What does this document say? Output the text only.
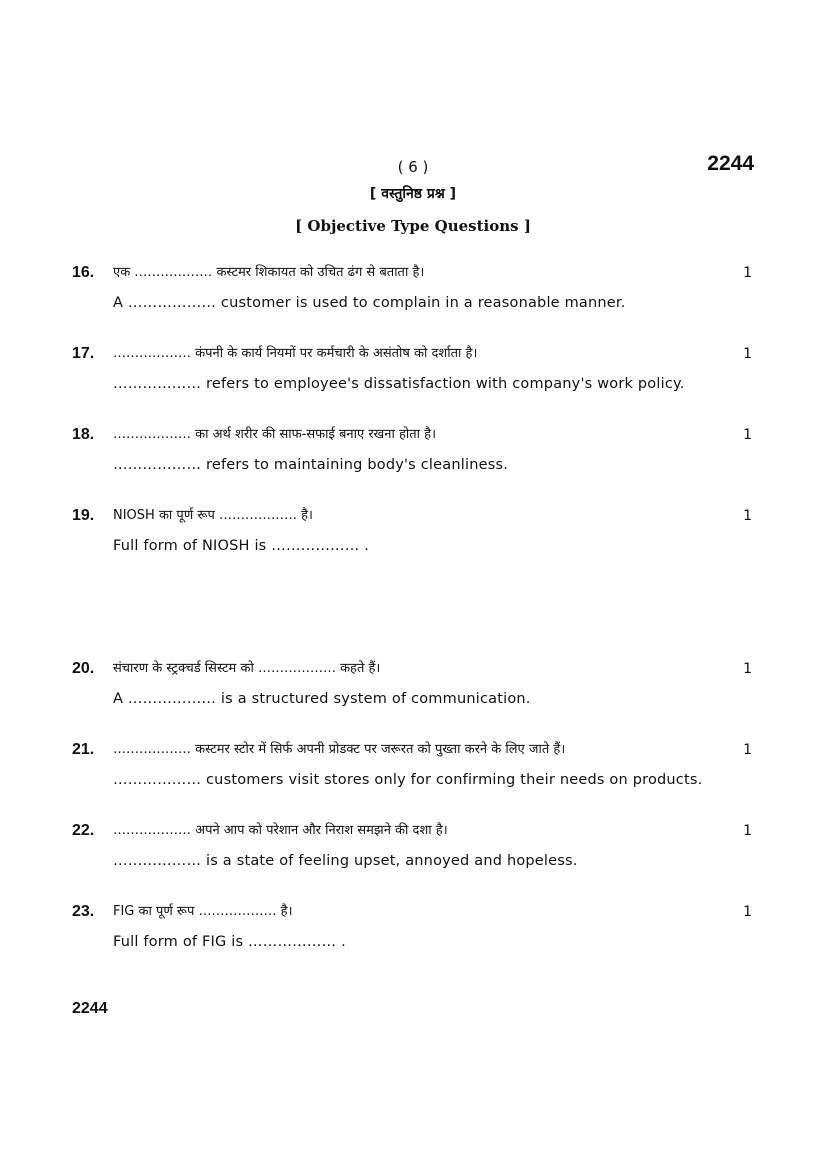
( 6 )	2244
[ वस्तुनिष्ठ प्रश्न ]
[ Objective Type Questions ]
16. एक ……………… कस्टमर शिकायत को उचित ढंग से बताता है।	1
A ……………… customer is used to complain in a reasonable manner.
17. ……………… कंपनी के कार्य नियमों पर कर्मचारी के असंतोष को दर्शाता है।	1
……………… refers to employee's dissatisfaction with company's work policy.
18. ……………… का अर्थ शरीर की साफ-सफाई बनाए रखना होता है।	1
……………… refers to maintaining body's cleanliness.
19. NIOSH का पूर्ण रूप ……………… है।	1
Full form of NIOSH is ……………… .
20. संचारण के स्ट्रक्चर्ड सिस्टम को ……………… कहते हैं।	1
A ……………… is a structured system of communication.
21. ……………… कस्टमर स्टोर में सिर्फ अपनी प्रोडक्ट पर जरूरत को पुख्ता करने के लिए जाते हैं।	1
……………… customers visit stores only for confirming their needs on products.
22. ……………… अपने आप को परेशान और निराश समझने की दशा है।	1
……………… is a state of feeling upset, annoyed and hopeless.
23. FIG का पूर्ण रूप ……………… है।	1
Full form of FIG is ……………… .
2244
